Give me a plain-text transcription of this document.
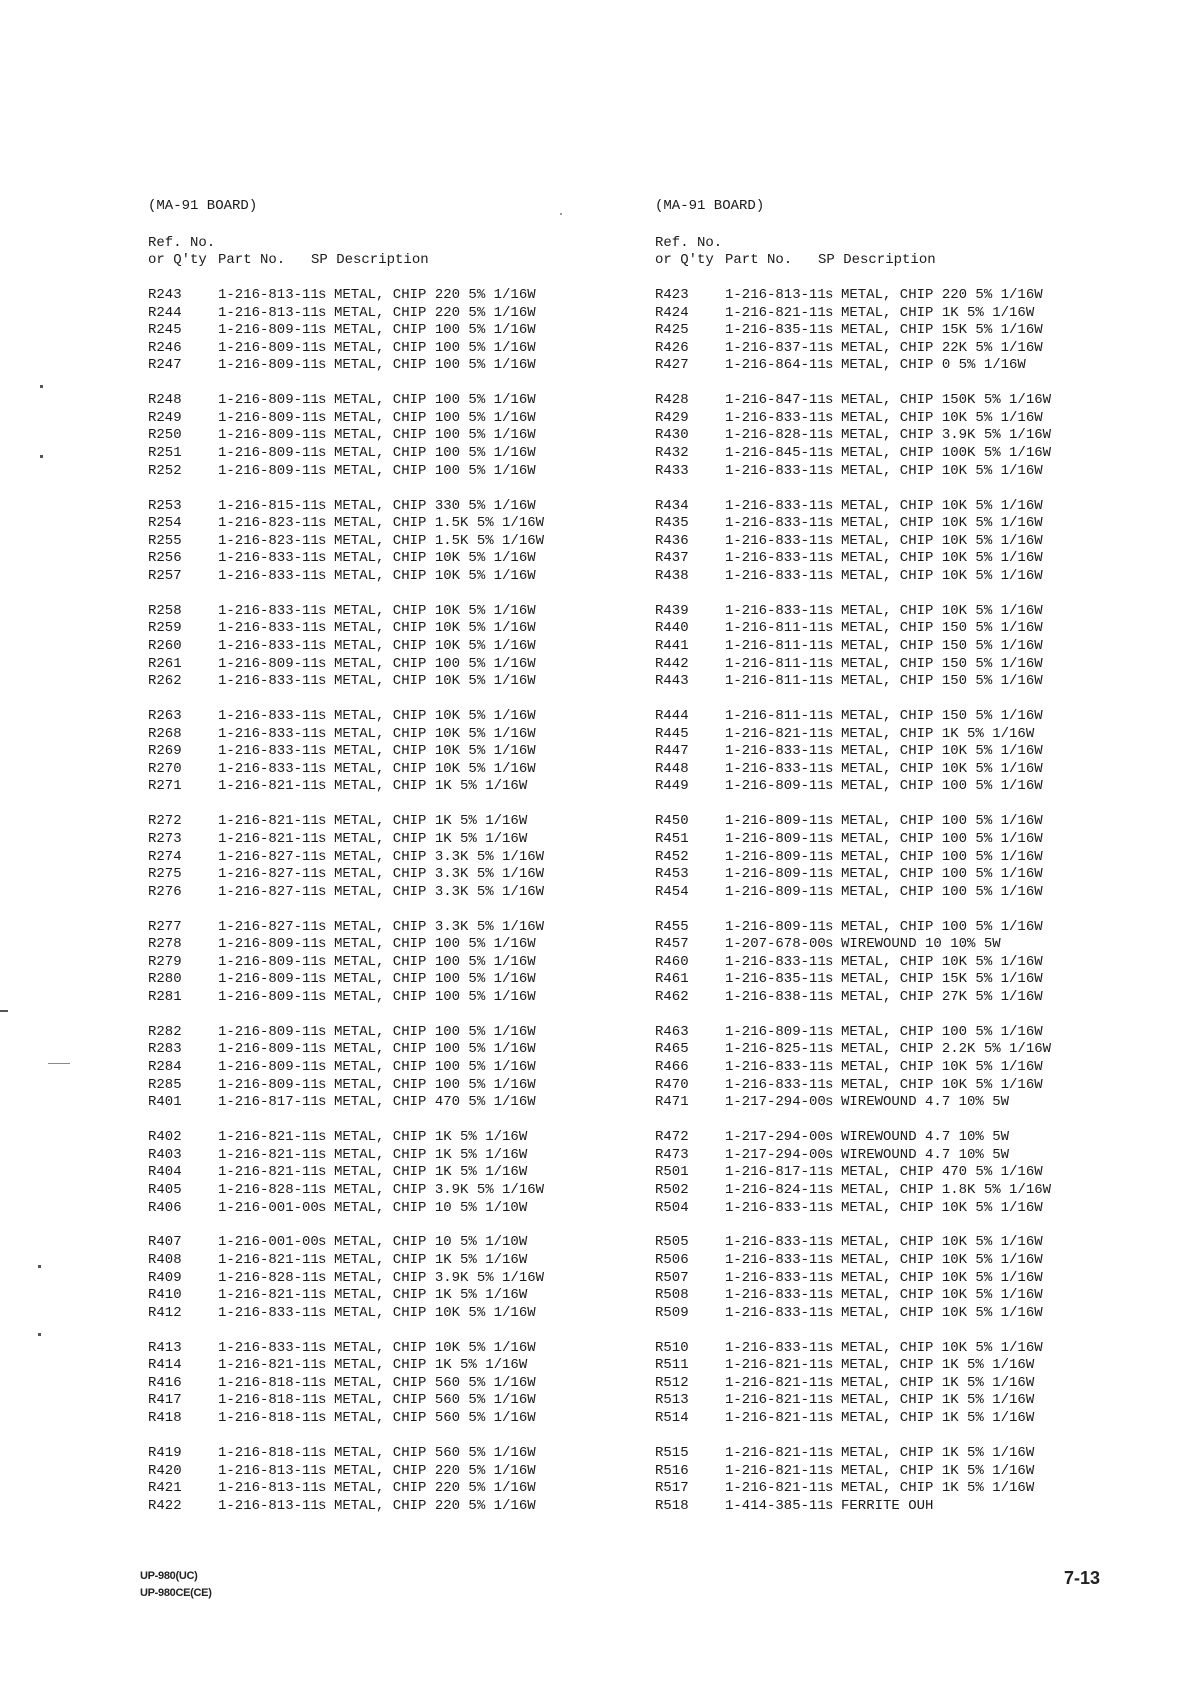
(MA-91 BOARD)
Ref. No.
or Q'ty Part No. SP Description
R243	1-216-813-11 s METAL, CHIP 220 5% 1/16W
R244	1-216-813-11 s METAL, CHIP 220 5% 1/16W
R245	1-216-809-11 s METAL, CHIP 100 5% 1/16W
R246	1-216-809-11 s METAL, CHIP 100 5% 1/16W
R247	1-216-809-11 s METAL, CHIP 100 5% 1/16W
R248	1-216-809-11 s METAL, CHIP 100 5% 1/16W
R249	1-216-809-11 s METAL, CHIP 100 5% 1/16W
R250	1-216-809-11 s METAL, CHIP 100 5% 1/16W
R251	1-216-809-11 s METAL, CHIP 100 5% 1/16W
R252	1-216-809-11 s METAL, CHIP 100 5% 1/16W
R253	1-216-815-11 s METAL, CHIP 330 5% 1/16W
R254	1-216-823-11 s METAL, CHIP 1.5K 5% 1/16W
R255	1-216-823-11 s METAL, CHIP 1.5K 5% 1/16W
R256	1-216-833-11 s METAL, CHIP 10K 5% 1/16W
R257	1-216-833-11 s METAL, CHIP 10K 5% 1/16W
R258	1-216-833-11 s METAL, CHIP 10K 5% 1/16W
R259	1-216-833-11 s METAL, CHIP 10K 5% 1/16W
R260	1-216-833-11 s METAL, CHIP 10K 5% 1/16W
R261	1-216-809-11 s METAL, CHIP 100 5% 1/16W
R262	1-216-833-11 s METAL, CHIP 10K 5% 1/16W
R263	1-216-833-11 s METAL, CHIP 10K 5% 1/16W
R268	1-216-833-11 s METAL, CHIP 10K 5% 1/16W
R269	1-216-833-11 s METAL, CHIP 10K 5% 1/16W
R270	1-216-833-11 s METAL, CHIP 10K 5% 1/16W
R271	1-216-821-11 s METAL, CHIP 1K 5% 1/16W
R272	1-216-821-11 s METAL, CHIP 1K 5% 1/16W
R273	1-216-821-11 s METAL, CHIP 1K 5% 1/16W
R274	1-216-827-11 s METAL, CHIP 3.3K 5% 1/16W
R275	1-216-827-11 s METAL, CHIP 3.3K 5% 1/16W
R276	1-216-827-11 s METAL, CHIP 3.3K 5% 1/16W
R277	1-216-827-11 s METAL, CHIP 3.3K 5% 1/16W
R278	1-216-809-11 s METAL, CHIP 100 5% 1/16W
R279	1-216-809-11 s METAL, CHIP 100 5% 1/16W
R280	1-216-809-11 s METAL, CHIP 100 5% 1/16W
R281	1-216-809-11 s METAL, CHIP 100 5% 1/16W
R282	1-216-809-11 s METAL, CHIP 100 5% 1/16W
R283	1-216-809-11 s METAL, CHIP 100 5% 1/16W
R284	1-216-809-11 s METAL, CHIP 100 5% 1/16W
R285	1-216-809-11 s METAL, CHIP 100 5% 1/16W
R401	1-216-817-11 s METAL, CHIP 470 5% 1/16W
R402	1-216-821-11 s METAL, CHIP 1K 5% 1/16W
R403	1-216-821-11 s METAL, CHIP 1K 5% 1/16W
R404	1-216-821-11 s METAL, CHIP 1K 5% 1/16W
R405	1-216-828-11 s METAL, CHIP 3.9K 5% 1/16W
R406	1-216-001-00 s METAL, CHIP 10 5% 1/10W
R407	1-216-001-00 s METAL, CHIP 10 5% 1/10W
R408	1-216-821-11 s METAL, CHIP 1K 5% 1/16W
R409	1-216-828-11 s METAL, CHIP 3.9K 5% 1/16W
R410	1-216-821-11 s METAL, CHIP 1K 5% 1/16W
R412	1-216-833-11 s METAL, CHIP 10K 5% 1/16W
R413	1-216-833-11 s METAL, CHIP 10K 5% 1/16W
R414	1-216-821-11 s METAL, CHIP 1K 5% 1/16W
R416	1-216-818-11 s METAL, CHIP 560 5% 1/16W
R417	1-216-818-11 s METAL, CHIP 560 5% 1/16W
R418	1-216-818-11 s METAL, CHIP 560 5% 1/16W
R419	1-216-818-11 s METAL, CHIP 560 5% 1/16W
R420	1-216-813-11 s METAL, CHIP 220 5% 1/16W
R421	1-216-813-11 s METAL, CHIP 220 5% 1/16W
R422	1-216-813-11 s METAL, CHIP 220 5% 1/16W
(MA-91 BOARD)
Ref. No.
or Q'ty Part No. SP Description
R423	1-216-813-11 s METAL, CHIP 220 5% 1/16W
R424	1-216-821-11 s METAL, CHIP 1K 5% 1/16W
R425	1-216-835-11 s METAL, CHIP 15K 5% 1/16W
R426	1-216-837-11 s METAL, CHIP 22K 5% 1/16W
R427	1-216-864-11 s METAL, CHIP 0 5% 1/16W
R428	1-216-847-11 s METAL, CHIP 150K 5% 1/16W
R429	1-216-833-11 s METAL, CHIP 10K 5% 1/16W
R430	1-216-828-11 s METAL, CHIP 3.9K 5% 1/16W
R432	1-216-845-11 s METAL, CHIP 100K 5% 1/16W
R433	1-216-833-11 s METAL, CHIP 10K 5% 1/16W
R434	1-216-833-11 s METAL, CHIP 10K 5% 1/16W
R435	1-216-833-11 s METAL, CHIP 10K 5% 1/16W
R436	1-216-833-11 s METAL, CHIP 10K 5% 1/16W
R437	1-216-833-11 s METAL, CHIP 10K 5% 1/16W
R438	1-216-833-11 s METAL, CHIP 10K 5% 1/16W
R439	1-216-833-11 s METAL, CHIP 10K 5% 1/16W
R440	1-216-811-11 s METAL, CHIP 150 5% 1/16W
R441	1-216-811-11 s METAL, CHIP 150 5% 1/16W
R442	1-216-811-11 s METAL, CHIP 150 5% 1/16W
R443	1-216-811-11 s METAL, CHIP 150 5% 1/16W
R444	1-216-811-11 s METAL, CHIP 150 5% 1/16W
R445	1-216-821-11 s METAL, CHIP 1K 5% 1/16W
R447	1-216-833-11 s METAL, CHIP 10K 5% 1/16W
R448	1-216-833-11 s METAL, CHIP 10K 5% 1/16W
R449	1-216-809-11 s METAL, CHIP 100 5% 1/16W
R450	1-216-809-11 s METAL, CHIP 100 5% 1/16W
R451	1-216-809-11 s METAL, CHIP 100 5% 1/16W
R452	1-216-809-11 s METAL, CHIP 100 5% 1/16W
R453	1-216-809-11 s METAL, CHIP 100 5% 1/16W
R454	1-216-809-11 s METAL, CHIP 100 5% 1/16W
R455	1-216-809-11 s METAL, CHIP 100 5% 1/16W
R457	1-207-678-00 s WIREWOUND 10 10% 5W
R460	1-216-833-11 s METAL, CHIP 10K 5% 1/16W
R461	1-216-835-11 s METAL, CHIP 15K 5% 1/16W
R462	1-216-838-11 s METAL, CHIP 27K 5% 1/16W
R463	1-216-809-11 s METAL, CHIP 100 5% 1/16W
R465	1-216-825-11 s METAL, CHIP 2.2K 5% 1/16W
R466	1-216-833-11 s METAL, CHIP 10K 5% 1/16W
R470	1-216-833-11 s METAL, CHIP 10K 5% 1/16W
R471	1-217-294-00 s WIREWOUND 4.7 10% 5W
R472	1-217-294-00 s WIREWOUND 4.7 10% 5W
R473	1-217-294-00 s WIREWOUND 4.7 10% 5W
R501	1-216-817-11 s METAL, CHIP 470 5% 1/16W
R502	1-216-824-11 s METAL, CHIP 1.8K 5% 1/16W
R504	1-216-833-11 s METAL, CHIP 10K 5% 1/16W
R505	1-216-833-11 s METAL, CHIP 10K 5% 1/16W
R506	1-216-833-11 s METAL, CHIP 10K 5% 1/16W
R507	1-216-833-11 s METAL, CHIP 10K 5% 1/16W
R508	1-216-833-11 s METAL, CHIP 10K 5% 1/16W
R509	1-216-833-11 s METAL, CHIP 10K 5% 1/16W
R510	1-216-833-11 s METAL, CHIP 10K 5% 1/16W
R511	1-216-821-11 s METAL, CHIP 1K 5% 1/16W
R512	1-216-821-11 s METAL, CHIP 1K 5% 1/16W
R513	1-216-821-11 s METAL, CHIP 1K 5% 1/16W
R514	1-216-821-11 s METAL, CHIP 1K 5% 1/16W
R515	1-216-821-11 s METAL, CHIP 1K 5% 1/16W
R516	1-216-821-11 s METAL, CHIP 1K 5% 1/16W
R517	1-216-821-11 s METAL, CHIP 1K 5% 1/16W
R518	1-414-385-11 s FERRITE OUH
UP-980(UC)
UP-980CE(CE)
7-13
